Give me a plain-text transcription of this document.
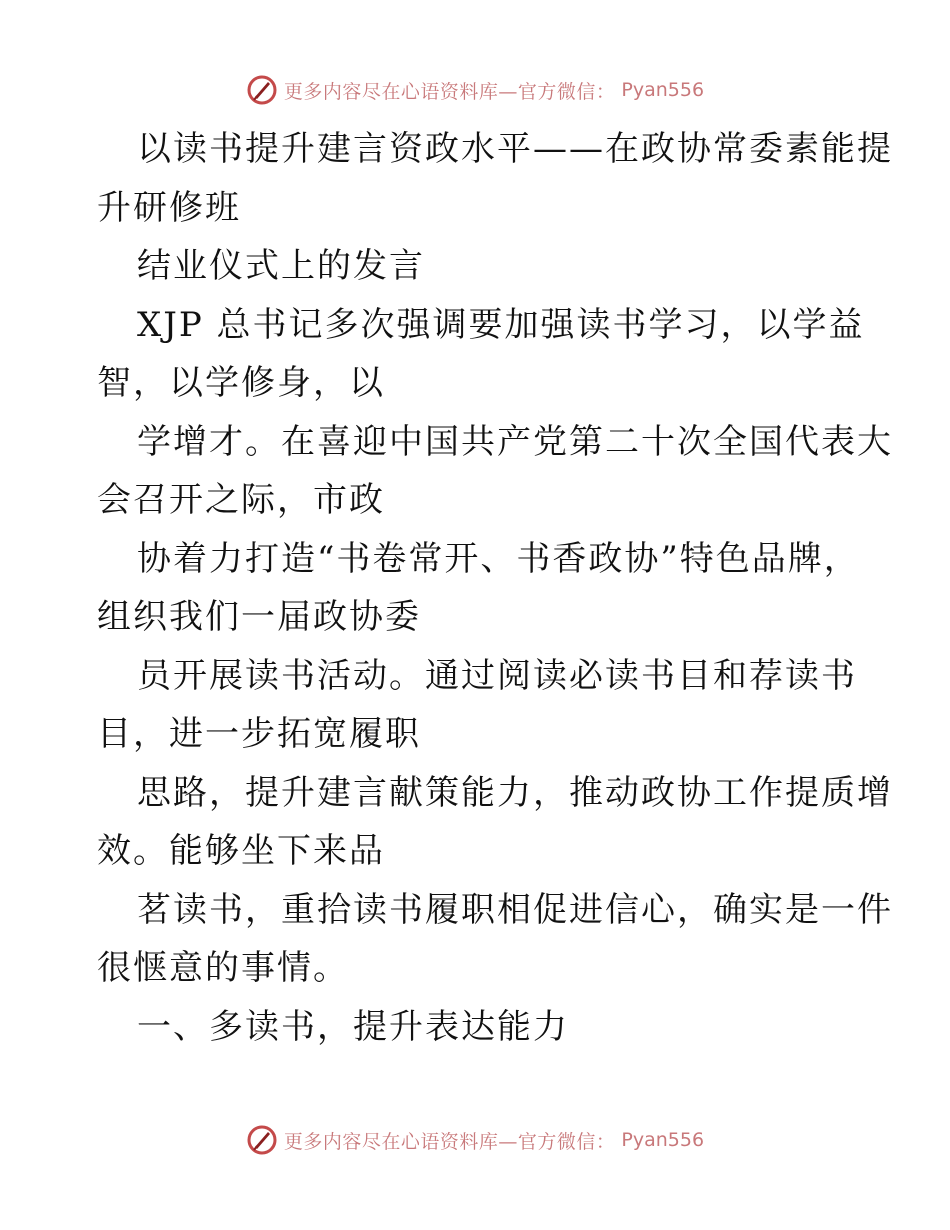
更多内容尽在心语资料库—官方微信： Pyan556
以读书提升建言资政水平——在政协常委素能提
升研修班
结业仪式上的发言
XJP 总书记多次强调要加强读书学习，以学益
智，以学修身，以
学增才。在喜迎中国共产党第二十次全国代表大
会召开之际，市政
协着力打造“书卷常开、书香政协”特色品牌，
组织我们一届政协委
员开展读书活动。通过阅读必读书目和荐读书
目，进一步拓宽履职
思路，提升建言献策能力，推动政协工作提质增
效。能够坐下来品
茗读书，重拾读书履职相促进信心，确实是一件
很惬意的事情。
一、多读书，提升表达能力
更多内容尽在心语资料库—官方微信： Pyan556
